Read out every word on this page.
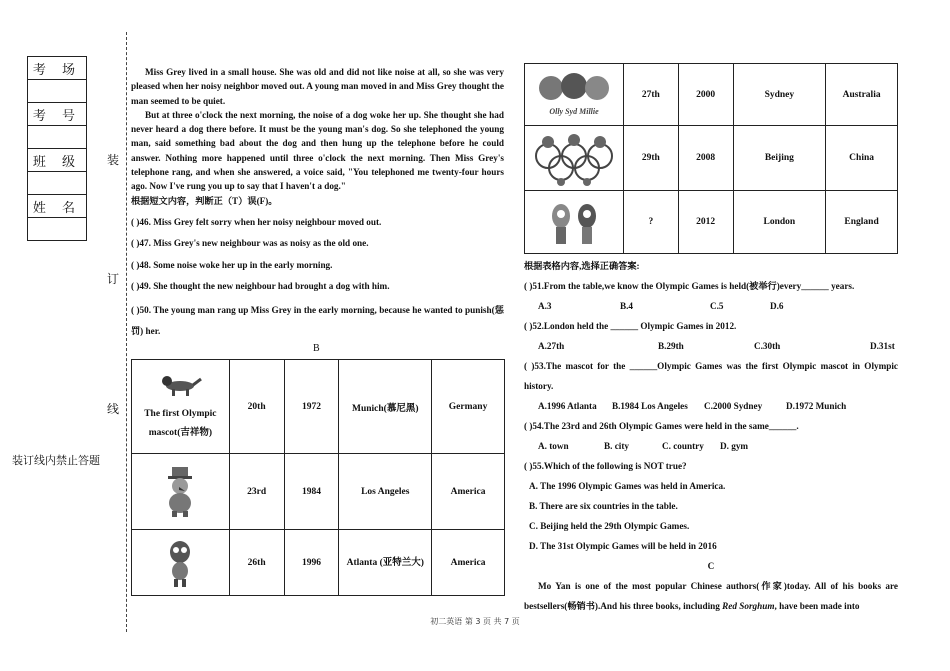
考 场

考 号

班 级

姓 名

装
订
线
装订线内禁止答题

Miss Grey lived in a small house. She was old and did not like noise at all, so she was very pleased when her noisy neighbor moved out. A young man moved in and Miss Grey thought the man seemed to be quiet.

But at three o'clock the next morning, the noise of a dog woke her up. She thought she had never heard a dog there before. It must be the young man's dog. So she telephoned the young man, said something bad about the dog and then hung up the telephone before he could answer. Nothing more happened until three o'clock the next morning. Then Miss Grey's telephone rang, and when she answered, a voice said, "You telephoned me twenty-four hours ago. Now I've rung you up to say that I haven't a dog."

根据短文内容，判断正（T）误(F)。

( )46. Miss Grey felt sorry when her noisy neighbour moved out.

( )47. Miss Grey's new neighbour was as noisy as the old one.

( )48. Some noise woke her up in the early morning.

( )49. She thought the new neighbour had brought a dog with him.

( )50. The young man rang up Miss Grey in the early morning, because he wanted to punish(惩罚) her.

B
The first Olympic mascot(吉祥物)	20th	1972	Munich(慕尼黑)	Germany

	23rd	1984	Los Angeles	America

	26th	1996	Atlanta (亚特兰大)	America
Olly Syd Millie	27th	2000	Sydney	Australia

	29th	2008	Beijing	China

	?	2012	London	England

根据表格内容,选择正确答案:

( )51.From the table,we know the Olympic Games is held(被举行)every______ years.

A.3	B.4	C.5	D.6

( )52.London held the ______ Olympic Games in 2012.

A.27th	B.29th	C.30th	D.31st

( )53.The mascot for the ______Olympic Games was the first Olympic mascot in Olympic history.

A.1996 Atlanta B.1984 Los Angeles C.2000 Sydney	D.1972 Munich

( )54.The 23rd and 26th Olympic Games were held in the same______.

A. town	B. city	C. country D. gym

( )55.Which of the following is NOT true?

A. The 1996 Olympic Games was held in America.

B. There are six countries in the table.

C. Beijing held the 29th Olympic Games.

D. The 31st Olympic Games will be held in 2016

C

Mo Yan is one of the most popular Chinese authors(作家)today. All of his books are bestsellers(畅销书).And his three books, including Red Sorghum, have been made into

初二英语 第 3 页 共 7 页
